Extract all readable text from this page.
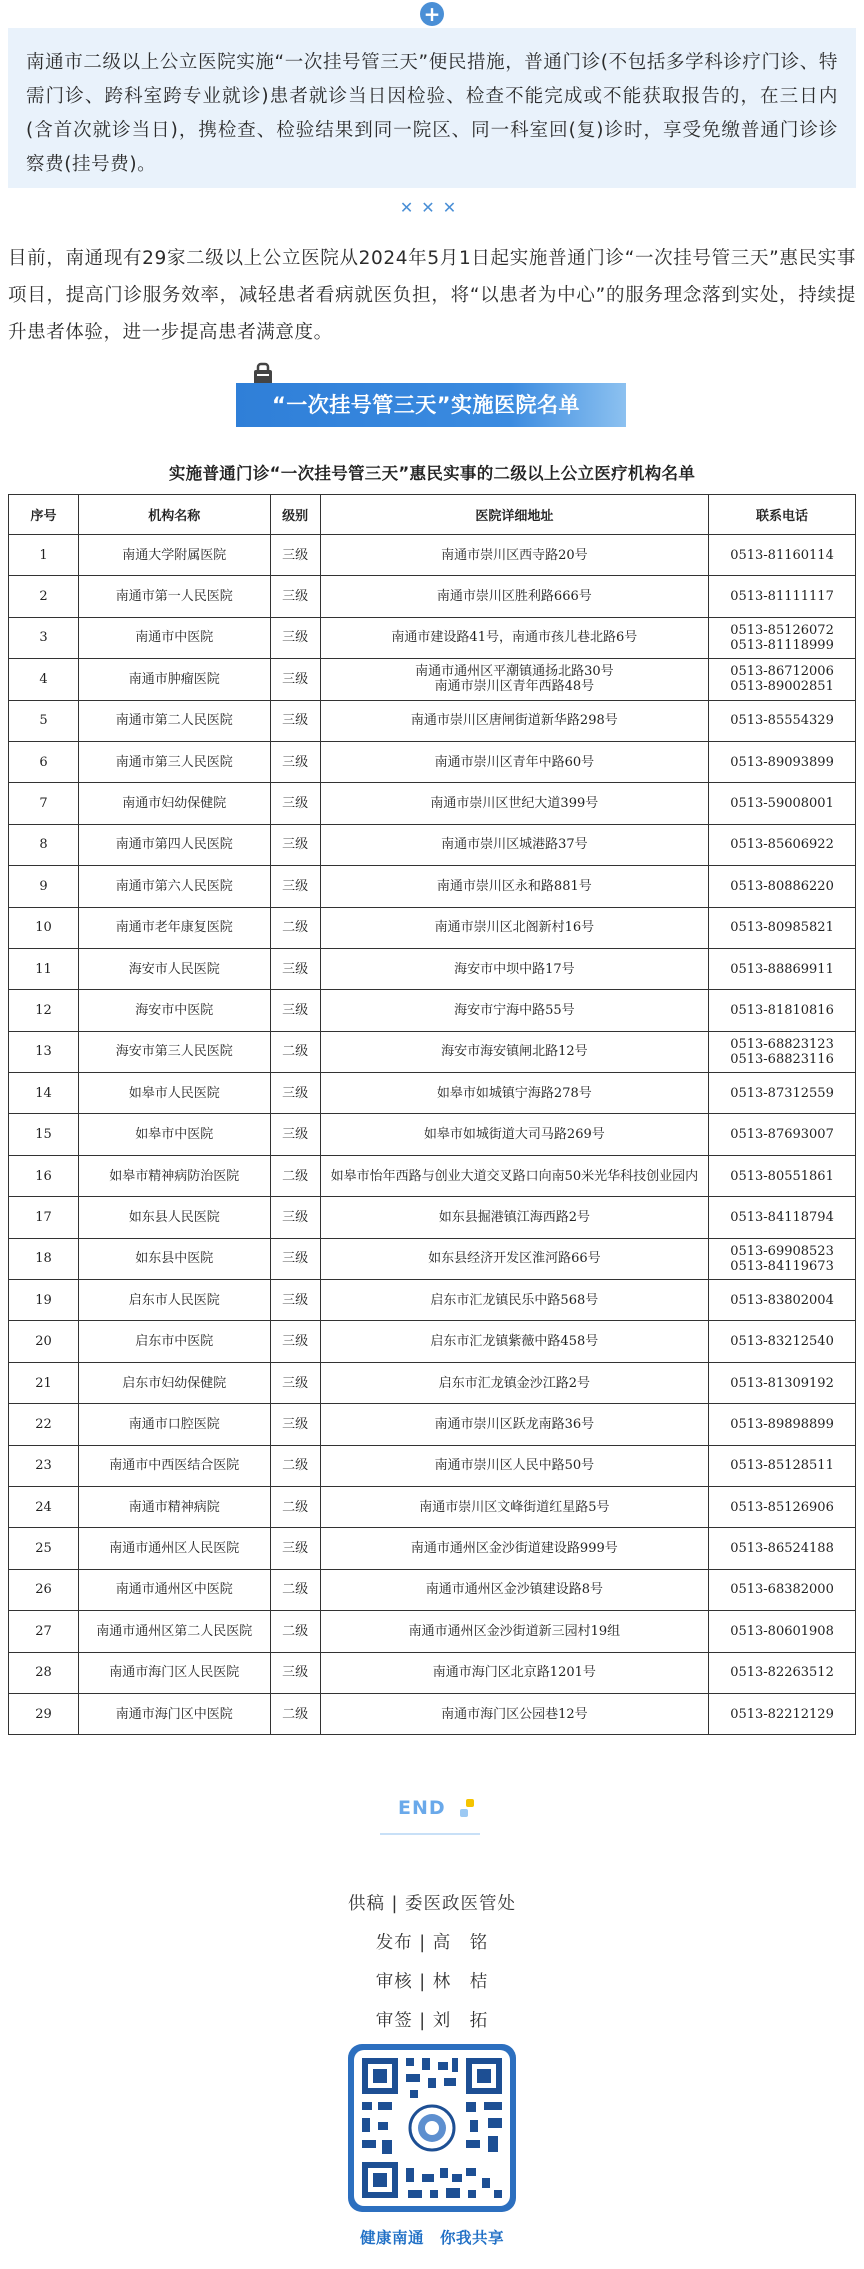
+

南通市二级以上公立医院实施“一次挂号管三天”便民措施，普通门诊(不包括多学科诊疗门诊、特需门诊、跨科室跨专业就诊)患者就诊当日因检验、检查不能完成或不能获取报告的，在三日内(含首次就诊当日)，携检查、检验结果到同一院区、同一科室回(复)诊时，享受免缴普通门诊诊察费(挂号费)。

✕✕✕

目前，南通现有29家二级以上公立医院从2024年5月1日起实施普通门诊“一次挂号管三天”惠民实事项目，提高门诊服务效率，减轻患者看病就医负担，将“以患者为中心”的服务理念落到实处，持续提升患者体验，进一步提高患者满意度。

“一次挂号管三天”实施医院名单
实施普通门诊“一次挂号管三天”惠民实事的二级以上公立医疗机构名单
序号	机构名称	级别	医院详细地址	联系电话
1	南通大学附属医院	三级	南通市崇川区西寺路20号	0513-81160114
2	南通市第一人民医院	三级	南通市崇川区胜利路666号	0513-81111117
3	南通市中医院	三级	南通市建设路41号，南通市孩儿巷北路6号	0513-85126072
0513-81118999
4	南通市肿瘤医院	三级	南通市通州区平潮镇通扬北路30号
南通市崇川区青年西路48号	0513-86712006
0513-89002851
5	南通市第二人民医院	三级	南通市崇川区唐闸街道新华路298号	0513-85554329
6	南通市第三人民医院	三级	南通市崇川区青年中路60号	0513-89093899
7	南通市妇幼保健院	三级	南通市崇川区世纪大道399号	0513-59008001
8	南通市第四人民医院	三级	南通市崇川区城港路37号	0513-85606922
9	南通市第六人民医院	三级	南通市崇川区永和路881号	0513-80886220
10	南通市老年康复医院	二级	南通市崇川区北阁新村16号	0513-80985821
11	海安市人民医院	三级	海安市中坝中路17号	0513-88869911
12	海安市中医院	三级	海安市宁海中路55号	0513-81810816
13	海安市第三人民医院	二级	海安市海安镇闸北路12号	0513-68823123
0513-68823116
14	如皋市人民医院	三级	如皋市如城镇宁海路278号	0513-87312559
15	如皋市中医院	三级	如皋市如城街道大司马路269号	0513-87693007
16	如皋市精神病防治医院	二级	如皋市怡年西路与创业大道交叉路口向南50米光华科技创业园内	0513-80551861
17	如东县人民医院	三级	如东县掘港镇江海西路2号	0513-84118794
18	如东县中医院	三级	如东县经济开发区淮河路66号	0513-69908523
0513-84119673
19	启东市人民医院	三级	启东市汇龙镇民乐中路568号	0513-83802004
20	启东市中医院	三级	启东市汇龙镇紫薇中路458号	0513-83212540
21	启东市妇幼保健院	三级	启东市汇龙镇金沙江路2号	0513-81309192
22	南通市口腔医院	三级	南通市崇川区跃龙南路36号	0513-89898899
23	南通市中西医结合医院	二级	南通市崇川区人民中路50号	0513-85128511
24	南通市精神病院	二级	南通市崇川区文峰街道红星路5号	0513-85126906
25	南通市通州区人民医院	三级	南通市通州区金沙街道建设路999号	0513-86524188
26	南通市通州区中医院	二级	南通市通州区金沙镇建设路8号	0513-68382000
27	南通市通州区第二人民医院	二级	南通市通州区金沙街道新三园村19组	0513-80601908
28	南通市海门区人民医院	三级	南通市海门区北京路1201号	0513-82263512
29	南通市海门区中医院	二级	南通市海门区公园巷12号	0513-82212129
END
供稿 | 委医政医管处
发布 | 高　铭
审核 | 林　桔
审签 | 刘　拓
健康南通　你我共享
